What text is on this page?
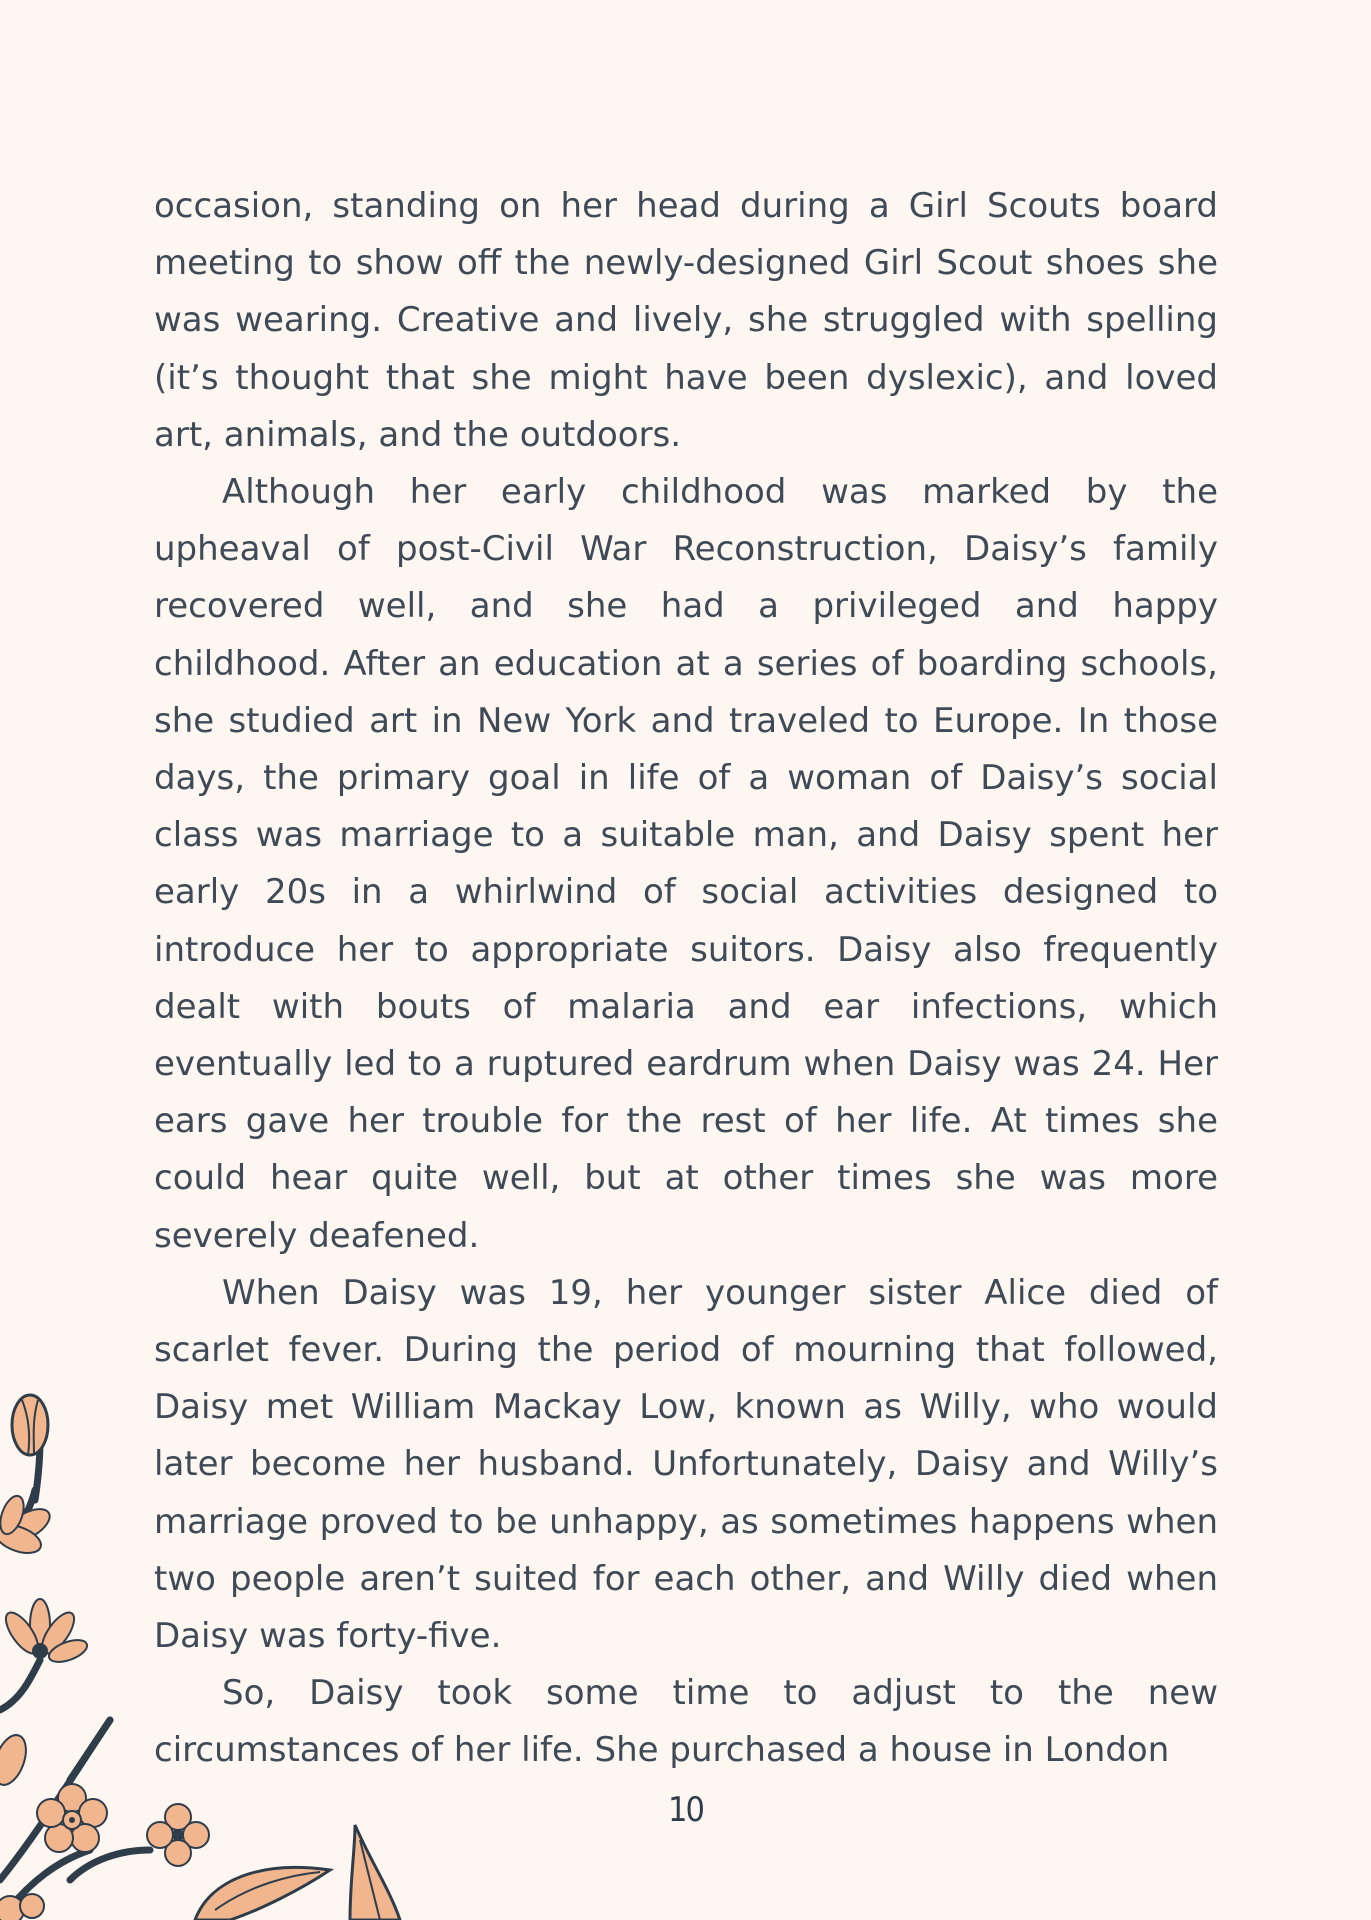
occasion, standing on her head during a Girl Scouts board meeting to show off the newly-designed Girl Scout shoes she was wearing. Creative and lively, she struggled with spelling (it’s thought that she might have been dyslexic), and loved art, animals, and the outdoors.

Although her early childhood was marked by the upheaval of post-Civil War Reconstruction, Daisy’s family recovered well, and she had a privileged and happy childhood. After an education at a series of boarding schools, she studied art in New York and traveled to Europe. In those days, the primary goal in life of a woman of Daisy’s social class was marriage to a suitable man, and Daisy spent her early 20s in a whirlwind of social activities designed to introduce her to appropriate suitors. Daisy also frequently dealt with bouts of malaria and ear infections, which eventually led to a ruptured eardrum when Daisy was 24. Her ears gave her trouble for the rest of her life. At times she could hear quite well, but at other times she was more severely deafened.

When Daisy was 19, her younger sister Alice died of scarlet fever. During the period of mourning that followed, Daisy met William Mackay Low, known as Willy, who would later become her husband. Unfortunately, Daisy and Willy’s marriage proved to be unhappy, as sometimes happens when two people aren’t suited for each other, and Willy died when Daisy was forty-five.

So, Daisy took some time to adjust to the new circumstances of her life. She purchased a house in London

10
